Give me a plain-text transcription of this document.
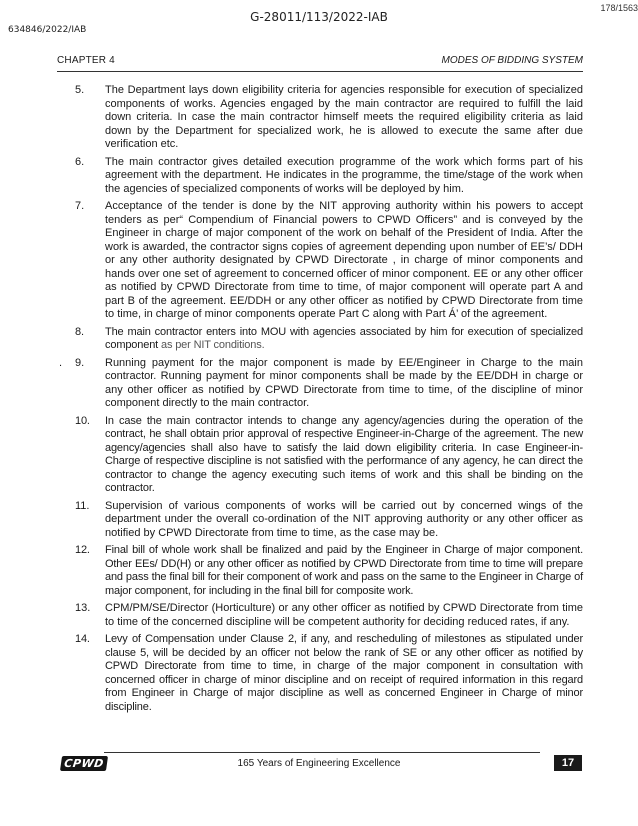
178/1563
G-28011/113/2022-IAB
634846/2022/IAB
CHAPTER 4	MODES OF BIDDING SYSTEM
5.	The Department lays down eligibility criteria for agencies responsible for execution of specialized components of works. Agencies engaged by the main contractor are required to fulfill the laid down criteria. In case the main contractor himself meets the required eligibility criteria as laid down by the Department for specialized work, he is allowed to execute the same after due verification etc.
6.	The main contractor gives detailed execution programme of the work which forms part of his agreement with the department. He indicates in the programme, the time/stage of the work when the agencies of specialized components of works will be deployed by him.
7.	Acceptance of the tender is done by the NIT approving authority within his powers to accept tenders as per“ Compendium of Financial powers to CPWD Officers” and is conveyed by the Engineer in charge of major component of the work on behalf of the President of India. After the work is awarded, the contractor signs copies of agreement depending upon number of EE’s/ DDH or any other authority designated by CPWD Directorate , in charge of minor components and hands over one set of agreement to concerned officer of minor component. EE or any other officer as notified by CPWD Directorate from time to time, of major component will operate part A and part B of the agreement. EE/DDH or any other officer as notified by CPWD Directorate from time to time, in charge of minor components operate Part C along with Part Á’ of the agreement.
8.	The main contractor enters into MOU with agencies associated by him for execution of specialized component as per NIT conditions.
.	9.	Running payment for the major component is made by EE/Engineer in Charge to the main contractor. Running payment for minor components shall be made by the EE/DDH in charge or any other officer as notified by CPWD Directorate from time to time, of the discipline of minor component directly to the main contractor.
10.	In case the main contractor intends to change any agency/agencies during the operation of the contract, he shall obtain prior approval of respective Engineer-in-Charge of the agreement. The new agency/agencies shall also have to satisfy the laid down eligibility criteria. In case Engineer-in-Charge of respective discipline is not satisfied with the performance of any agency, he can direct the contractor to change the agency executing such items of work and this shall be binding on the contractor.
11.	Supervision of various components of works will be carried out by concerned wings of the department under the overall co-ordination of the NIT approving authority or any other officer as notified by CPWD Directorate from time to time, as the case may be.
12.	Final bill of whole work shall be finalized and paid by the Engineer in Charge of major component. Other EEs/ DD(H) or any other officer as notified by CPWD Directorate from time to time will prepare and pass the final bill for their component of work and pass on the same to the Engineer in Charge of major component, for including in the final bill for composite work.
13.	CPM/PM/SE/Director (Horticulture) or any other officer as notified by CPWD Directorate from time to time of the concerned discipline will be competent authority for deciding reduced rates, if any.
14.	Levy of Compensation under Clause 2, if any, and rescheduling of milestones as stipulated under clause 5, will be decided by an officer not below the rank of SE or any other officer as notified by CPWD Directorate from time to time, in charge of the major component in consultation with concerned officer in charge of minor discipline and on receipt of required information in this regard from Engineer in Charge of major discipline as well as concerned Engineer in Charge of minor discipline.
CPWD	165 Years of Engineering Excellence	17
